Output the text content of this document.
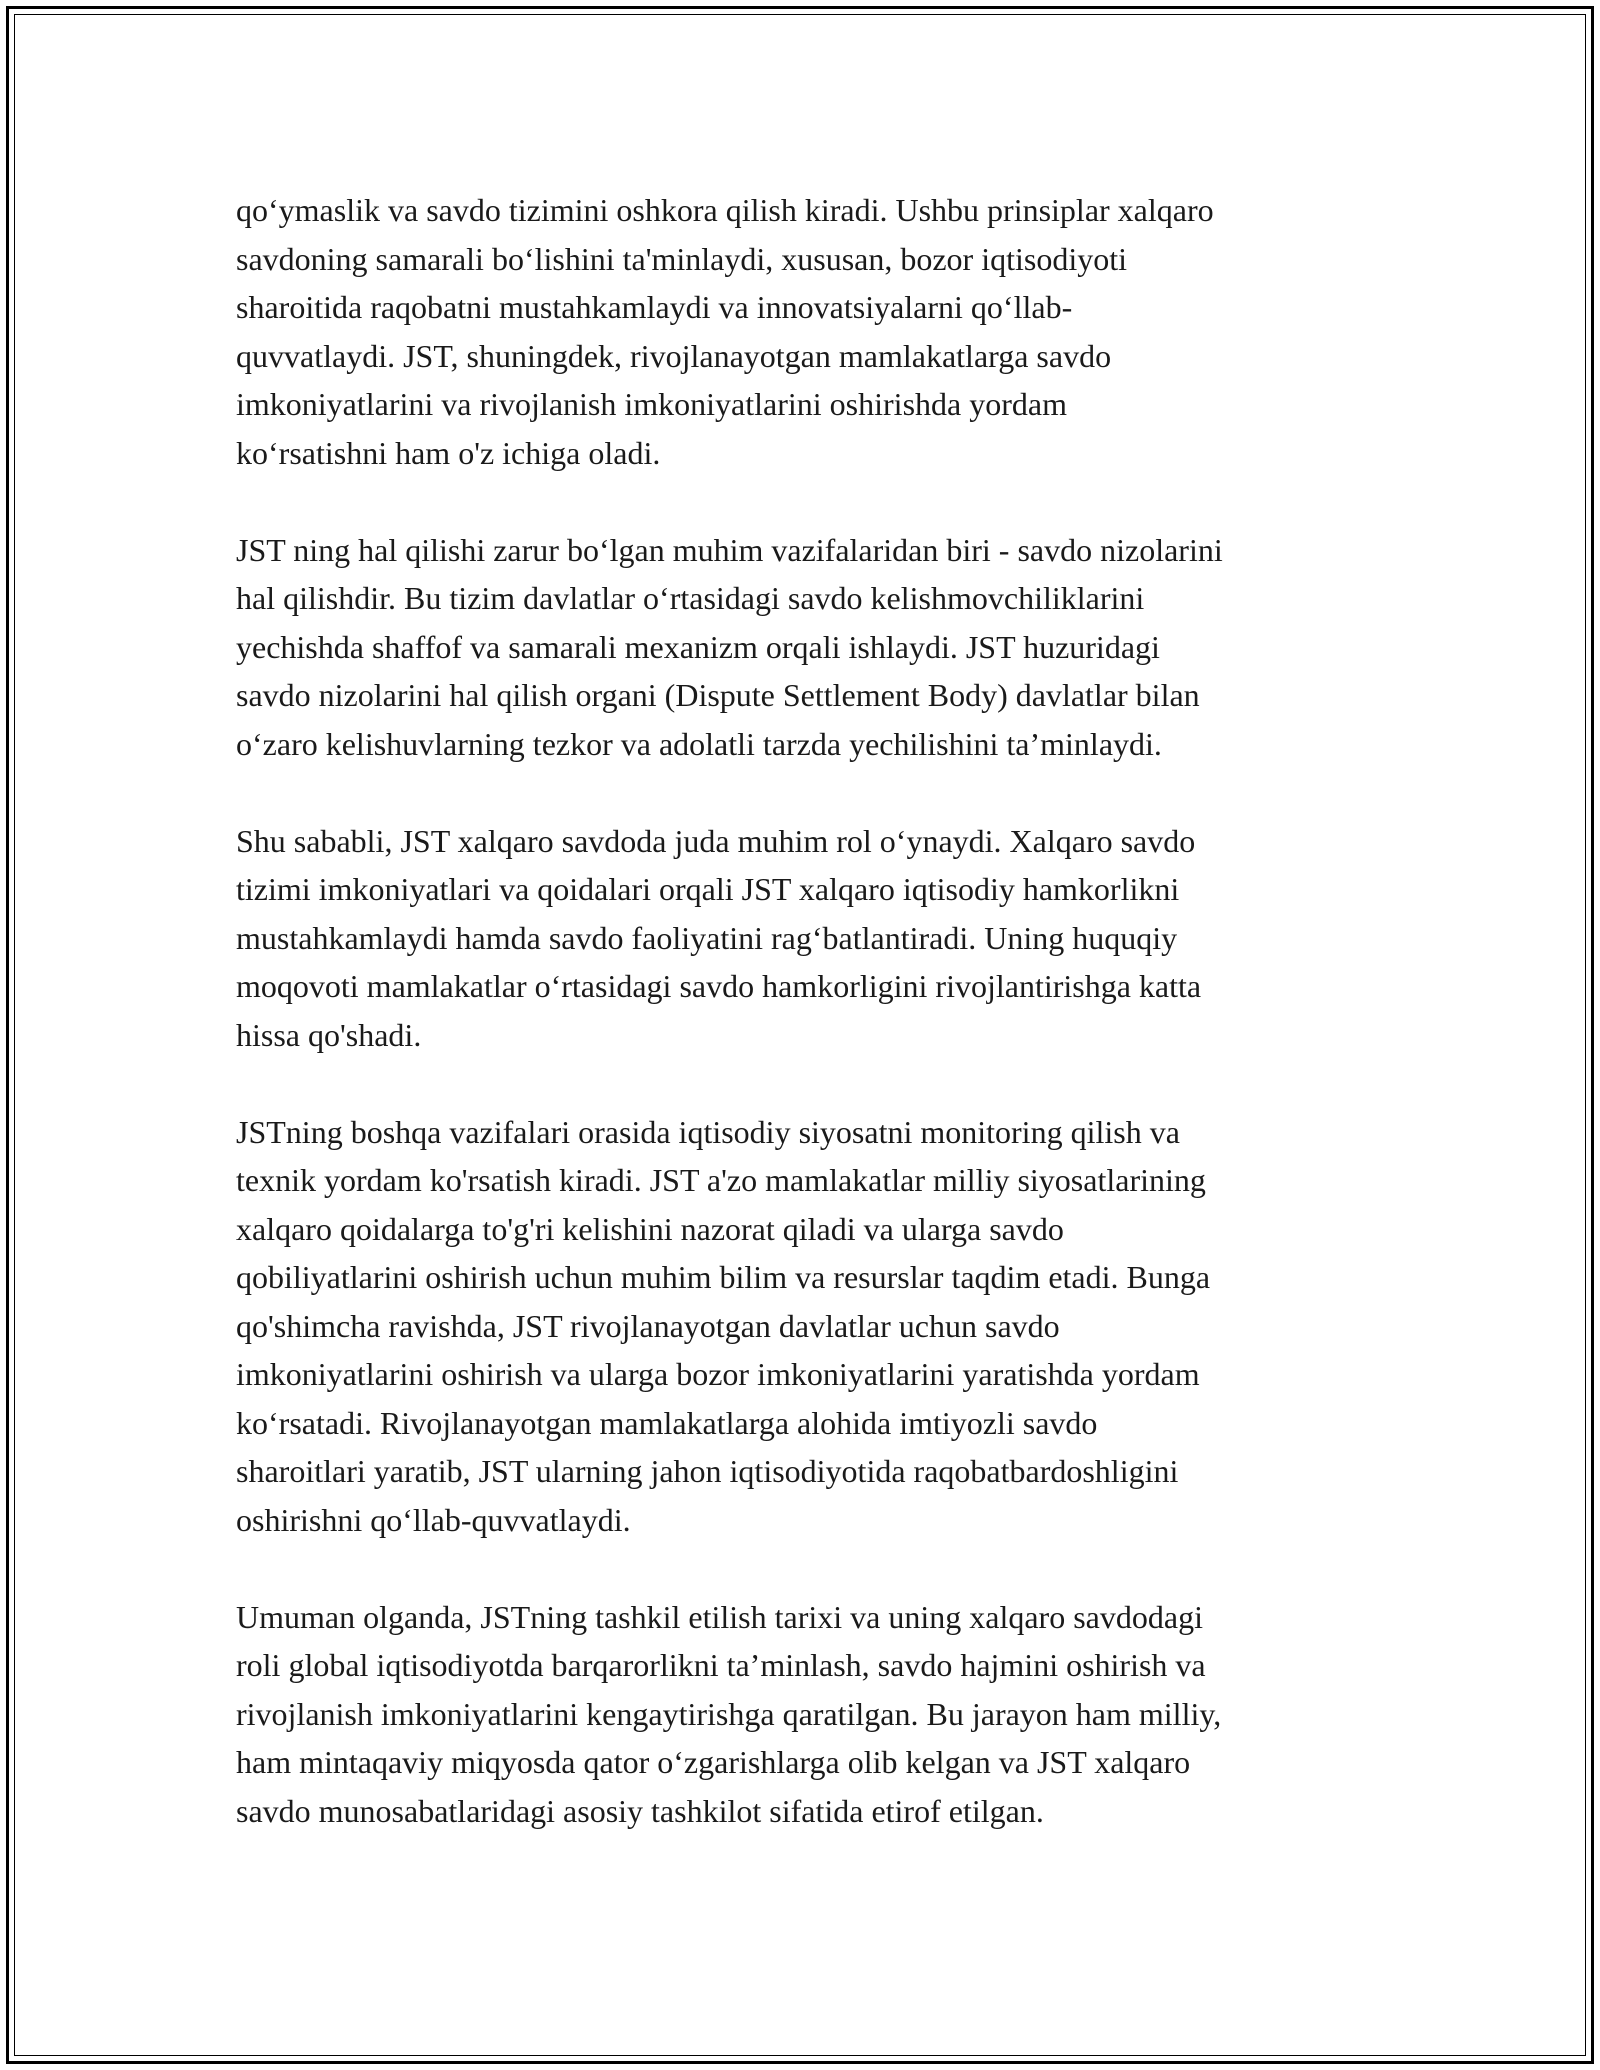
qo‘ymaslik va savdo tizimini oshkora qilish kiradi. Ushbu prinsiplar xalqaro
savdoning samarali bo‘lishini ta'minlaydi, xususan, bozor iqtisodiyoti
sharoitida raqobatni mustahkamlaydi va innovatsiyalarni qo‘llab-
quvvatlaydi. JST, shuningdek, rivojlanayotgan mamlakatlarga savdo
imkoniyatlarini va rivojlanish imkoniyatlarini oshirishda yordam
ko‘rsatishni ham o'z ichiga oladi.

JST ning hal qilishi zarur bo‘lgan muhim vazifalaridan biri - savdo nizolarini
hal qilishdir. Bu tizim davlatlar o‘rtasidagi savdo kelishmovchiliklarini
yechishda shaffof va samarali mexanizm orqali ishlaydi. JST huzuridagi
savdo nizolarini hal qilish organi (Dispute Settlement Body) davlatlar bilan
o‘zaro kelishuvlarning tezkor va adolatli tarzda yechilishini ta’minlaydi.

Shu sababli, JST xalqaro savdoda juda muhim rol o‘ynaydi. Xalqaro savdo
tizimi imkoniyatlari va qoidalari orqali JST xalqaro iqtisodiy hamkorlikni
mustahkamlaydi hamda savdo faoliyatini rag‘batlantiradi. Uning huquqiy
moqovoti mamlakatlar o‘rtasidagi savdo hamkorligini rivojlantirishga katta
hissa qo'shadi.

JSTning boshqa vazifalari orasida iqtisodiy siyosatni monitoring qilish va
texnik yordam ko'rsatish kiradi. JST a'zo mamlakatlar milliy siyosatlarining
xalqaro qoidalarga to'g'ri kelishini nazorat qiladi va ularga savdo
qobiliyatlarini oshirish uchun muhim bilim va resurslar taqdim etadi. Bunga
qo'shimcha ravishda, JST rivojlanayotgan davlatlar uchun savdo
imkoniyatlarini oshirish va ularga bozor imkoniyatlarini yaratishda yordam
ko‘rsatadi. Rivojlanayotgan mamlakatlarga alohida imtiyozli savdo
sharoitlari yaratib, JST ularning jahon iqtisodiyotida raqobatbardoshligini
oshirishni qo‘llab-quvvatlaydi.

Umuman olganda, JSTning tashkil etilish tarixi va uning xalqaro savdodagi
roli global iqtisodiyotda barqarorlikni ta’minlash, savdo hajmini oshirish va
rivojlanish imkoniyatlarini kengaytirishga qaratilgan. Bu jarayon ham milliy,
ham mintaqaviy miqyosda qator o‘zgarishlarga olib kelgan va JST xalqaro
savdo munosabatlaridagi asosiy tashkilot sifatida etirof etilgan.
